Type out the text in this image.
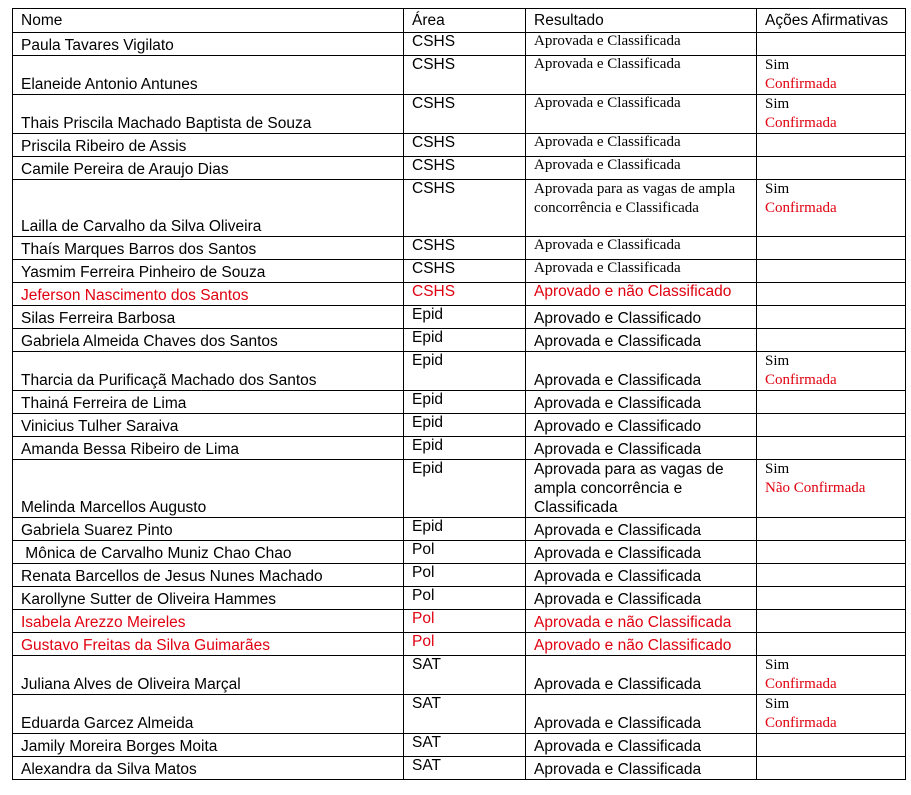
Nome	Área	Resultado	Ações Afirmativas
Paula Tavares Vigilato	CSHS	Aprovada e Classificada	
Elaneide Antonio Antunes	CSHS	Aprovada e Classificada	Sim
Confirmada

Thais Priscila Machado Baptista de Souza	CSHS	Aprovada e Classificada	Sim
Confirmada

Priscila Ribeiro de Assis	CSHS	Aprovada e Classificada	
Camile Pereira de Araujo Dias	CSHS	Aprovada e Classificada	
Lailla de Carvalho da Silva Oliveira	CSHS	Aprovada para as vagas de ampla concorrência e Classificada	Sim
Confirmada

Thaís Marques Barros dos Santos	CSHS	Aprovada e Classificada	
Yasmim Ferreira Pinheiro de Souza	CSHS	Aprovada e Classificada	
Jeferson Nascimento dos Santos	CSHS	Aprovado e não Classificado	
Silas Ferreira Barbosa	Epid	Aprovado e Classificado	
Gabriela Almeida Chaves dos Santos	Epid	Aprovada e Classificada	
Tharcia da Purificaçã Machado dos Santos	Epid	Aprovada e Classificada	Sim
Confirmada

Thainá Ferreira de Lima	Epid	Aprovada e Classificada	
Vinicius Tulher Saraiva	Epid	Aprovado e Classificado	
Amanda Bessa Ribeiro de Lima	Epid	Aprovada e Classificada	
Melinda Marcellos Augusto	Epid	Aprovada para as vagas de ampla concorrência e Classificada	Sim
Não Confirmada

Gabriela Suarez Pinto	Epid	Aprovada e Classificada	
Mônica de Carvalho Muniz Chao Chao	Pol	Aprovada e Classificada	
Renata Barcellos de Jesus Nunes Machado	Pol	Aprovada e Classificada	
Karollyne Sutter de Oliveira Hammes	Pol	Aprovada e Classificada	
Isabela Arezzo Meireles	Pol	Aprovada e não Classificada	
Gustavo Freitas da Silva Guimarães	Pol	Aprovado e não Classificado	
Juliana Alves de Oliveira Marçal	SAT	Aprovada e Classificada	Sim
Confirmada

Eduarda Garcez Almeida	SAT	Aprovada e Classificada	Sim
Confirmada

Jamily Moreira Borges Moita	SAT	Aprovada e Classificada	
Alexandra da Silva Matos	SAT	Aprovada e Classificada	
